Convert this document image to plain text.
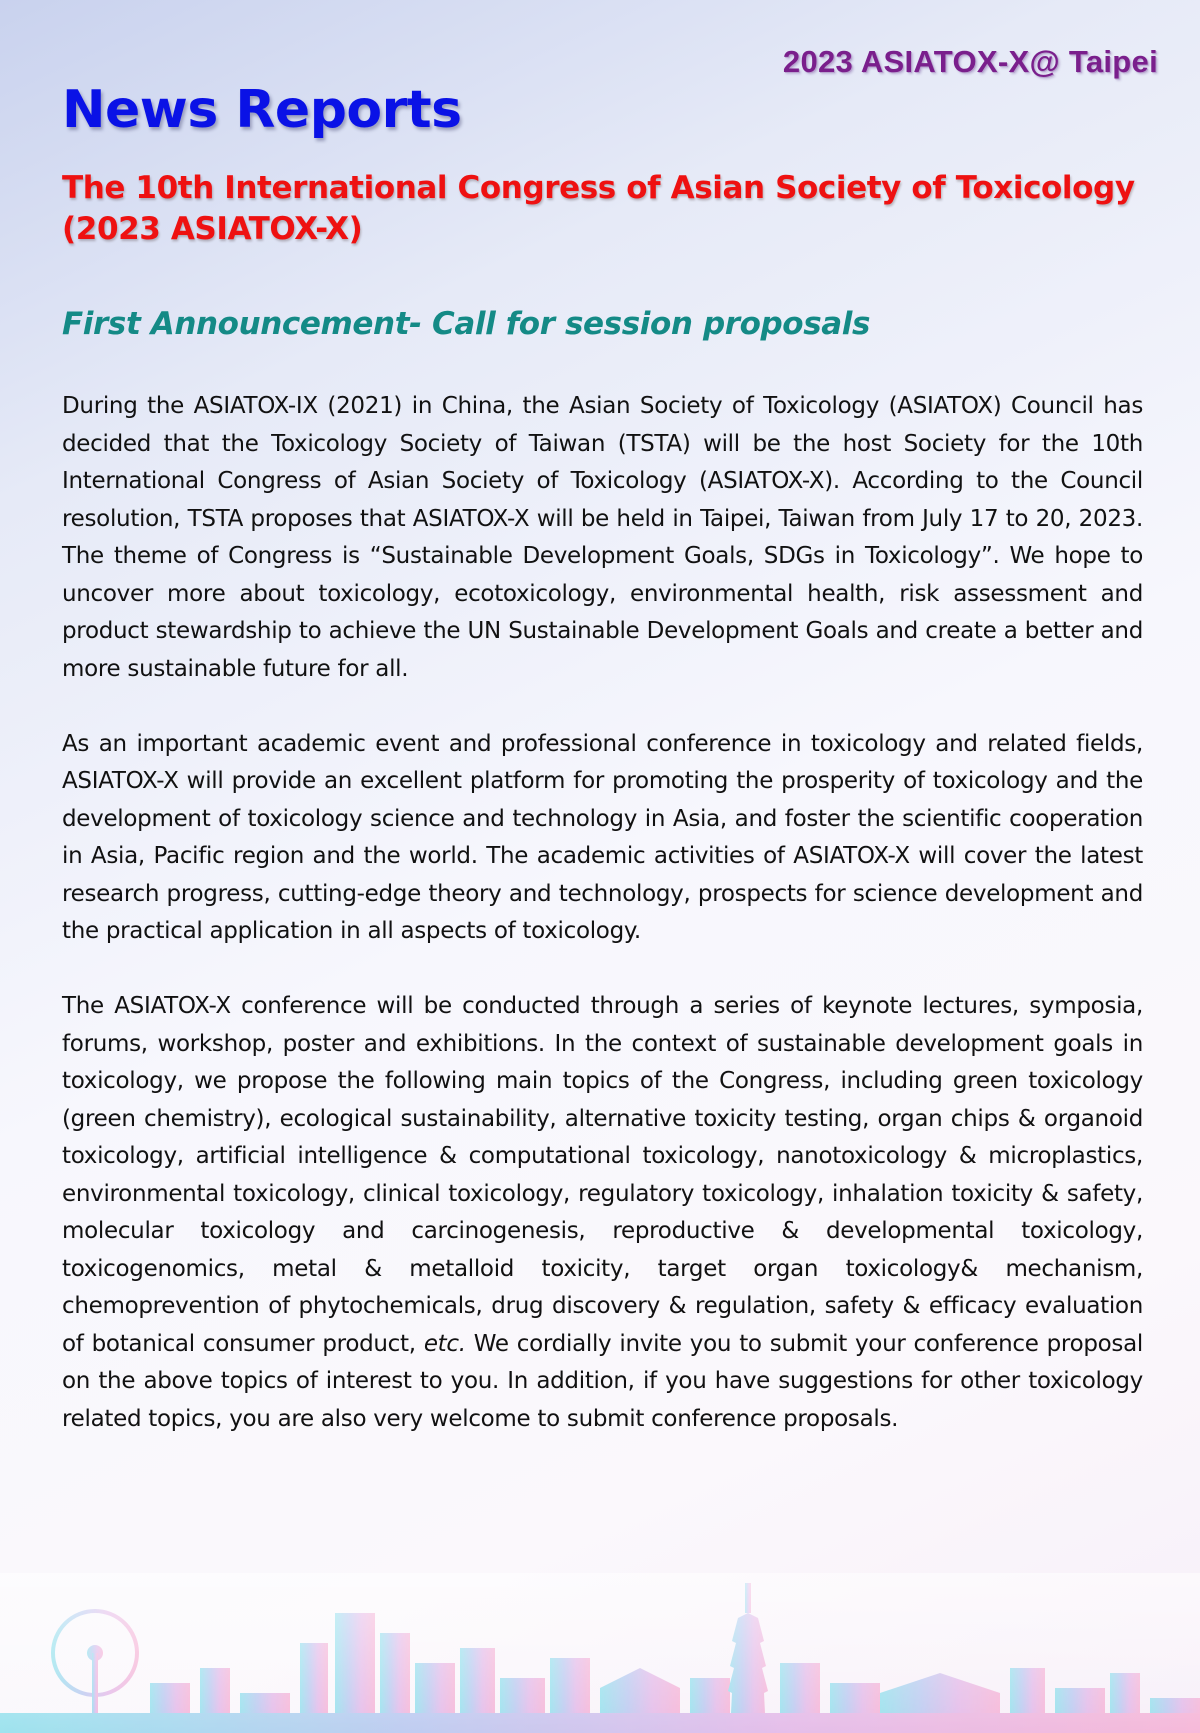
2023 ASIATOX-X@ Taipei
News Reports
The 10th International Congress of Asian Society of Toxicology
(2023 ASIATOX-X)
First Announcement- Call for session proposals

During the ASIATOX-IX (2021) in China, the Asian Society of Toxicology (ASIATOX) Council has decided that the Toxicology Society of Taiwan (TSTA) will be the host Society for the 10th International Congress of Asian Society of Toxicology (ASIATOX-X). According to the Council resolution, TSTA proposes that ASIATOX-X will be held in Taipei, Taiwan from July 17 to 20, 2023. The theme of Congress is “Sustainable Development Goals, SDGs in Toxicology”. We hope to uncover more about toxicology, ecotoxicology, environmental health, risk assessment and product stewardship to achieve the UN Sustainable Development Goals and create a better and more sustainable future for all.

As an important academic event and professional conference in toxicology and related fields, ASIATOX-X will provide an excellent platform for promoting the prosperity of toxicology and the development of toxicology science and technology in Asia, and foster the scientific cooperation in Asia, Pacific region and the world. The academic activities of ASIATOX-X will cover the latest research progress, cutting-edge theory and technology, prospects for science development and the practical application in all aspects of toxicology.

The ASIATOX-X conference will be conducted through a series of keynote lectures, symposia, forums, workshop, poster and exhibitions. In the context of sustainable development goals in toxicology, we propose the following main topics of the Congress, including green toxicology (green chemistry), ecological sustainability, alternative toxicity testing, organ chips & organoid toxicology, artificial intelligence & computational toxicology, nanotoxicology & microplastics, environmental toxicology, clinical toxicology, regulatory toxicology, inhalation toxicity & safety, molecular toxicology and carcinogenesis, reproductive & developmental toxicology, toxicogenomics, metal & metalloid toxicity, target organ toxicology& mechanism, chemoprevention of phytochemicals, drug discovery & regulation, safety & efficacy evaluation of botanical consumer product, etc. We cordially invite you to submit your conference proposal on the above topics of interest to you. In addition, if you have suggestions for other toxicology related topics, you are also very welcome to submit conference proposals.
